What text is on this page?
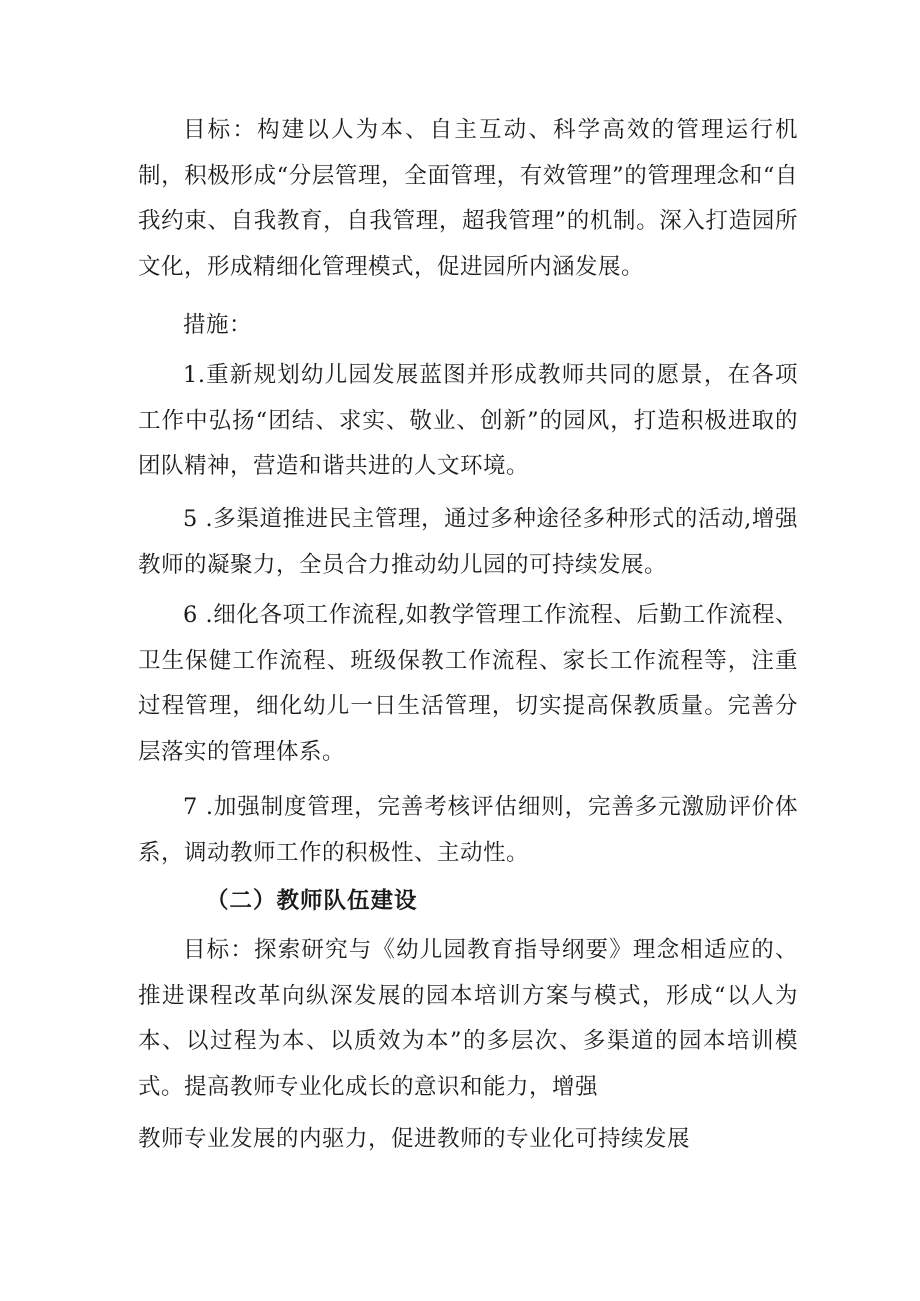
目标：构建以人为本、自主互动、科学高效的管理运行机制，积极形成“分层管理，全面管理，有效管理”的管理理念和“自我约束、自我教育，自我管理，超我管理”的机制。深入打造园所文化，形成精细化管理模式，促进园所内涵发展。

措施：

1.重新规划幼儿园发展蓝图并形成教师共同的愿景，在各项工作中弘扬“团结、求实、敬业、创新”的园风，打造积极进取的团队精神，营造和谐共进的人文环境。

5 .多渠道推进民主管理，通过多种途径多种形式的活动,增强教师的凝聚力，全员合力推动幼儿园的可持续发展。

6 .细化各项工作流程,如教学管理工作流程、后勤工作流程、卫生保健工作流程、班级保教工作流程、家长工作流程等，注重过程管理，细化幼儿一日生活管理，切实提高保教质量。完善分层落实的管理体系。

7 .加强制度管理，完善考核评估细则，完善多元激励评价体系，调动教师工作的积极性、主动性。

（二）教师队伍建设

目标：探索研究与《幼儿园教育指导纲要》理念相适应的、推进课程改革向纵深发展的园本培训方案与模式，形成“以人为本、以过程为本、以质效为本”的多层次、多渠道的园本培训模式。提高教师专业化成长的意识和能力，增强

教师专业发展的内驱力，促进教师的专业化可持续发展
